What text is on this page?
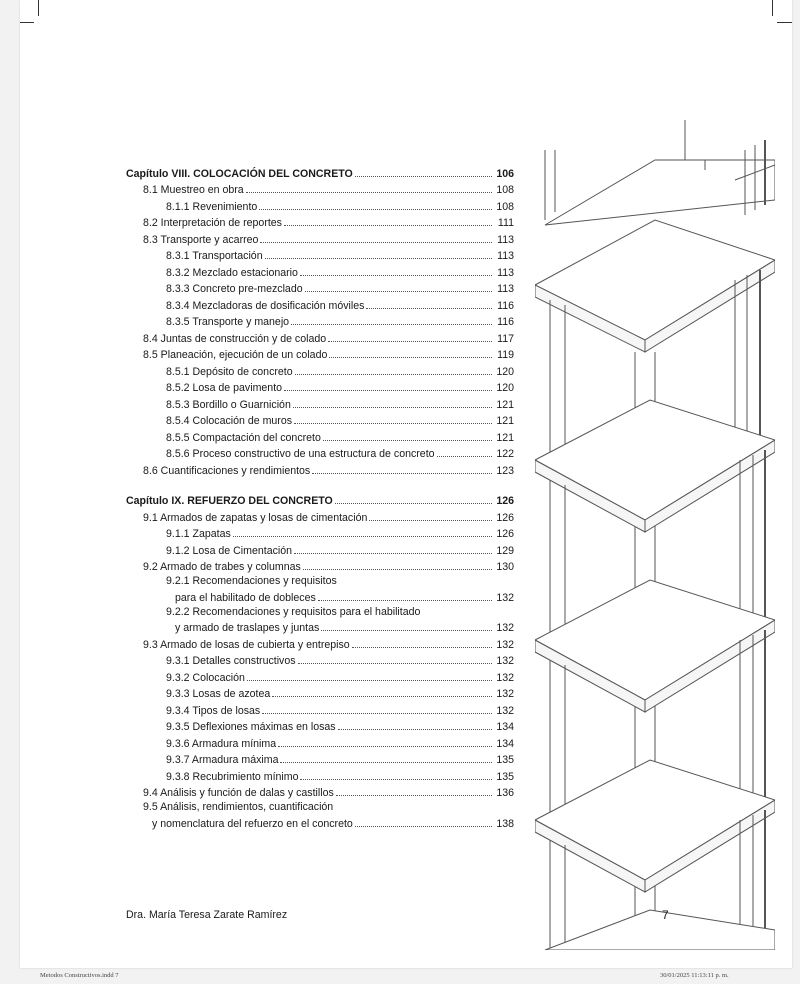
Capítulo VIII. COLOCACIÓN DEL CONCRETO	106
8.1 Muestreo en obra	108
8.1.1 Revenimiento	108
8.2 Interpretación de reportes	111
8.3 Transporte y acarreo	113
8.3.1 Transportación	113
8.3.2 Mezclado estacionario	113
8.3.3 Concreto pre-mezclado	113
8.3.4 Mezcladoras de dosificación móviles	116
8.3.5 Transporte y manejo	116
8.4 Juntas de construcción y de colado	117
8.5 Planeación, ejecución de un colado	119
8.5.1 Depósito de concreto	120
8.5.2 Losa de pavimento	120
8.5.3 Bordillo o Guarnición	121
8.5.4 Colocación de muros	121
8.5.5 Compactación del concreto	121
8.5.6 Proceso constructivo de una estructura de concreto	122
8.6 Cuantificaciones y rendimientos	123
Capítulo IX. REFUERZO DEL CONCRETO	126
9.1 Armados de zapatas y losas de cimentación	126
9.1.1 Zapatas	126
9.1.2 Losa de Cimentación	129
9.2 Armado de trabes y columnas	130
9.2.1 Recomendaciones y requisitos
para el habilitado de dobleces	132
9.2.2 Recomendaciones y requisitos para el habilitado
y armado de traslapes y juntas	132
9.3 Armado de losas de cubierta y entrepiso	132
9.3.1 Detalles constructivos	132
9.3.2 Colocación	132
9.3.3 Losas de azotea	132
9.3.4 Tipos de losas	132
9.3.5 Deflexiones máximas en losas	134
9.3.6 Armadura mínima	134
9.3.7 Armadura máxima	135
9.3.8 Recubrimiento mínimo	135
9.4 Análisis y función de dalas y castillos	136
9.5 Análisis, rendimientos, cuantificación
y nomenclatura del refuerzo en el concreto	138
Dra. María Teresa Zarate Ramírez	7
Metodos Constructivos.indd 7	30/01/2025 11:13:11 p. m.
